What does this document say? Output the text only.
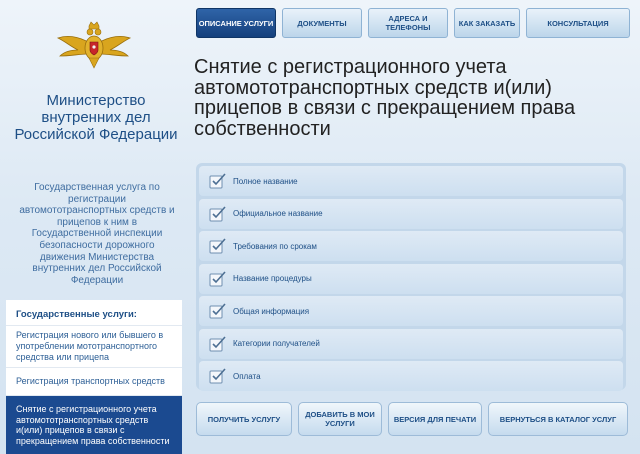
Министерство внутренних дел Российской Федерации
Государственная услуга по регистрации автомототранспортных средств и прицепов к ним в Государственной инспекции безопасности дорожного движения Министерства внутренних дел Российской Федерации
Государственные услуги:
Регистрация нового или бывшего в употреблении мототранспортного средства или прицепа
Регистрация транспортных средств
Снятие с регистрационного учета автомототранспортных средств и(или) прицепов в связи с прекращением права собственности
ОПИСАНИЕ УСЛУГИ	ДОКУМЕНТЫ	АДРЕСА И ТЕЛЕФОНЫ	КАК ЗАКАЗАТЬ	КОНСУЛЬТАЦИЯ
Снятие с регистрационного учета автомототранспортных средств и(или) прицепов в связи с прекращением права собственности
Полное название
Официальное название
Требования по срокам
Название процедуры
Общая информация
Категории получателей
Оплата
ПОЛУЧИТЬ УСЛУГУ	ДОБАВИТЬ В МОИ УСЛУГИ	ВЕРСИЯ ДЛЯ ПЕЧАТИ	ВЕРНУТЬСЯ В КАТАЛОГ УСЛУГ
